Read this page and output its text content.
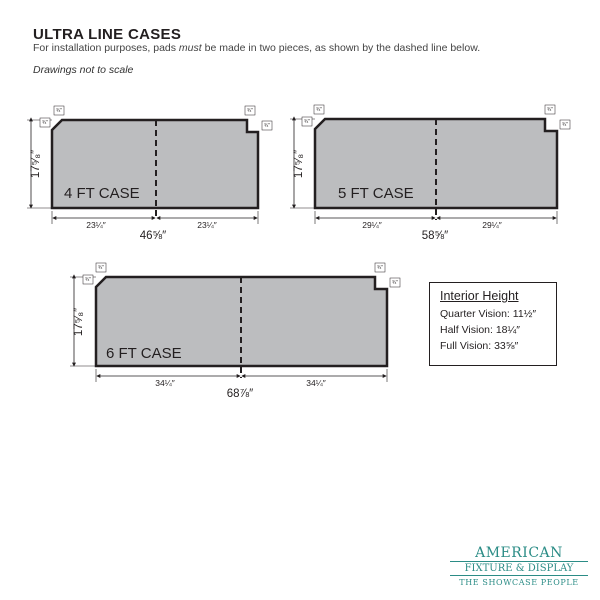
ULTRA LINE CASES
For installation purposes, pads must be made in two pieces, as shown by the dashed line below.
Drawings not to scale
4 FT CASE
17⁵⁄₈″
23¼″	23¼″
46⅝″
¾″
¾″
¾″
¾″
5 FT CASE
17⁵⁄₈″
29¼″	29¼″
58⅝″
¾″
¾″
¾″
¾″
6 FT CASE
17⁵⁄₈″
34¼″	34¼″
68⅞″
¾″
¾″
¾″
¾″
Interior Height
Quarter Vision: 11½″
Half Vision: 18¼″
Full Vision: 33⅝″
AMERICAN
FIXTURE & DISPLAY
THE SHOWCASE PEOPLE
